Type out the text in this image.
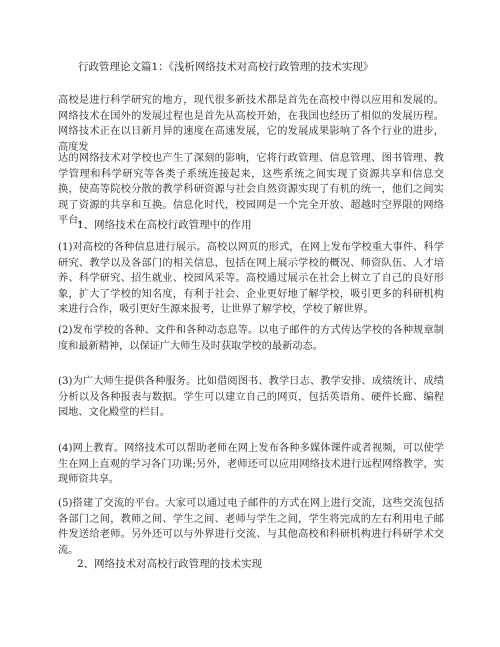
行政管理论文篇1：《浅析网络技术对高校行政管理的技术实现》

高校是进行科学研究的地方，现代很多新技术都是首先在高校中得以应用和发展的。网络技术在国外的发展过程也是首先从高校开始，在我国也经历了相似的发展历程。网络技术正在以日新月异的速度在高速发展，它的发展成果影响了各个行业的进步，高度发

达的网络技术对学校也产生了深刻的影响，它将行政管理、信息管理、图书管理、教学管理和科学研究等各类子系统连接起来，这些系统之间实现了资源共享和信息交换，使高等院校分散的教学科研资源与社会自然资源实现了有机的统一，他们之间实现了资源的共享和互换。信息化时代，校园网是一个完全开放、超越时空界限的网络平台。

1、网络技术在高校行政管理中的作用

(1)对高校的各种信息进行展示。高校以网页的形式，在网上发布学校重大事件、科学研究、教学以及各部门的相关信息，包括在网上展示学校的概况、师资队伍、人才培养、科学研究、招生就业、校园风采等。高校通过展示在社会上树立了自己的良好形象，扩大了学校的知名度，有利于社会、企业更好地了解学校，吸引更多的科研机构来进行合作，吸引更好生源来报考，让世界了解学校，学校了解世界。

(2)发布学校的各种、文件和各种动态息等。以电子邮件的方式传达学校的各种规章制度和最新精神，以保证广大师生及时获取学校的最新动态。

(3)为广大师生提供各种服务。比如借阅图书、教学日志、教学安排、成绩统计、成绩分析以及各种报表与数据。学生可以建立自己的网页，包括英语角、硬件长廊、编程园地、文化殿堂的栏目。

(4)网上教育。网络技术可以帮助老师在网上发布各种多媒体课件或者视频，可以使学生在网上直观的学习各门功课;另外，老师还可以应用网络技术进行远程网络教学，实现师资共享。

(5)搭建了交流的平台。大家可以通过电子邮件的方式在网上进行交流，这些交流包括各部门之间，教师之间、学生之间、老师与学生之间，学生将完成的左右利用电子邮件发送给老师。另外还可以与外界进行交流、与其他高校和科研机构进行科研学术交流。

2、网络技术对高校行政管理的技术实现
